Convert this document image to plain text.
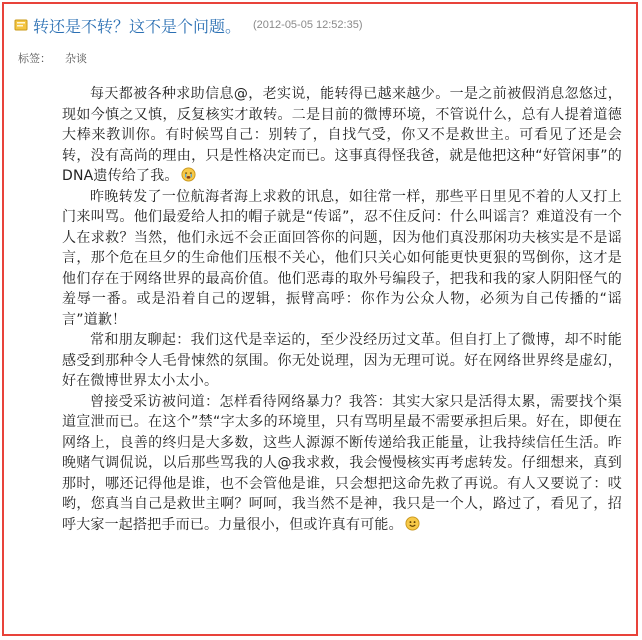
转还是不转？这不是个问题。 (2012-05-05 12:52:35)
标签： 杂谈

每天都被各种求助信息@，老实说，能转得已越来越少。一是之前被假消息忽悠过，现如今慎之又慎，反复核实才敢转。二是目前的微博环境，不管说什么，总有人提着道德大棒来教训你。有时候骂自己：别转了，自找气受，你又不是救世主。可看见了还是会转，没有高尚的理由，只是性格决定而已。这事真得怪我爸，就是他把这种“好管闲事”的DNA遗传给了我。

昨晚转发了一位航海者海上求救的讯息，如往常一样，那些平日里见不着的人又打上门来叫骂。他们最爱给人扣的帽子就是“传谣”，忍不住反问：什么叫谣言？难道没有一个人在求救？当然，他们永远不会正面回答你的问题，因为他们真没那闲功夫核实是不是谣言，那个危在旦夕的生命他们压根不关心，他们只关心如何能更快更狠的骂倒你，这才是他们存在于网络世界的最高价值。他们恶毒的取外号编段子，把我和我的家人阴阳怪气的羞辱一番。或是沿着自己的逻辑，振臂高呼：你作为公众人物，必须为自己传播的“谣言”道歉！

常和朋友聊起：我们这代是幸运的，至少没经历过文革。但自打上了微博，却不时能感受到那种令人毛骨悚然的氛围。你无处说理，因为无理可说。好在网络世界终是虚幻，好在微博世界太小太小。

曾接受采访被问道：怎样看待网络暴力？我答：其实大家只是活得太累，需要找个渠道宣泄而已。在这个”禁“字太多的环境里，只有骂明星最不需要承担后果。好在，即便在网络上，良善的终归是大多数，这些人源源不断传递给我正能量，让我持续信任生活。昨晚赌气调侃说，以后那些骂我的人@我求救，我会慢慢核实再考虑转发。仔细想来，真到那时，哪还记得他是谁，也不会管他是谁，只会想把这命先救了再说。有人又要说了：哎哟，您真当自己是救世主啊？呵呵，我当然不是神，我只是一个人，路过了，看见了，招呼大家一起搭把手而已。力量很小，但或许真有可能。
